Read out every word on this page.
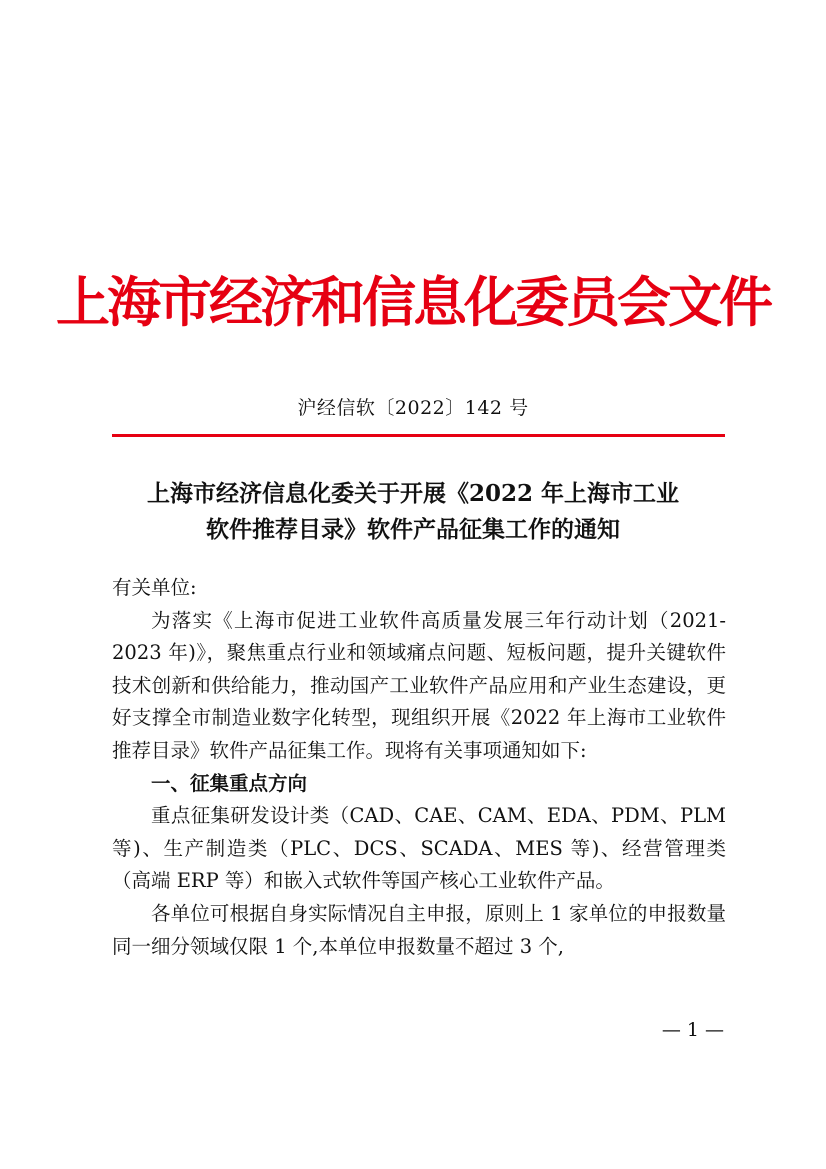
上海市经济和信息化委员会文件
沪经信软〔2022〕142 号
上海市经济信息化委关于开展《2022 年上海市工业
软件推荐目录》软件产品征集工作的通知

有关单位:

为落实《上海市促进工业软件高质量发展三年行动计划（2021-2023 年)》，聚焦重点行业和领域痛点问题、短板问题，提升关键软件技术创新和供给能力，推动国产工业软件产品应用和产业生态建设，更好支撑全市制造业数字化转型，现组织开展《2022 年上海市工业软件推荐目录》软件产品征集工作。现将有关事项通知如下:

一、征集重点方向

重点征集研发设计类（CAD、CAE、CAM、EDA、PDM、PLM 等)、生产制造类（PLC、DCS、SCADA、MES 等)、经营管理类（高端 ERP 等）和嵌入式软件等国产核心工业软件产品。

各单位可根据自身实际情况自主申报，原则上 1 家单位的申报数量同一细分领域仅限 1 个,本单位申报数量不超过 3 个,

— 1 —
